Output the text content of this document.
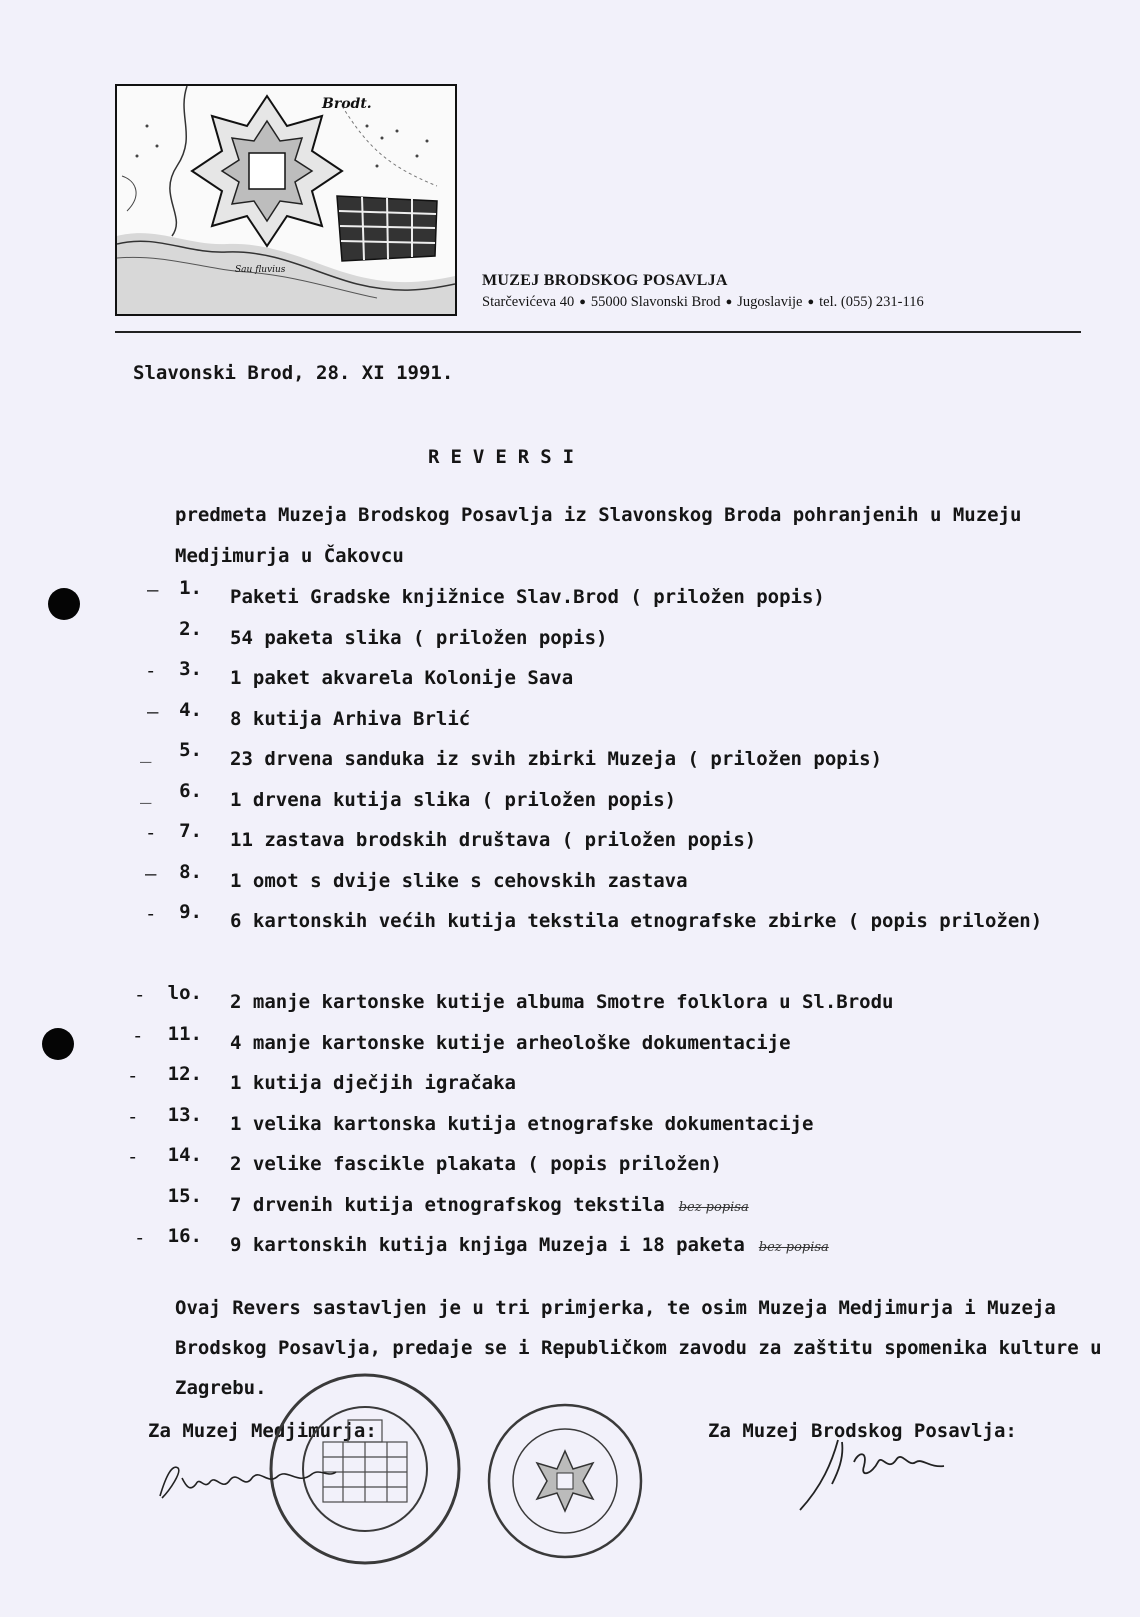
Brodt.
Sau fluvius
MUZEJ BRODSKOG POSAVLJA
Starčevićeva 40 ● 55000 Slavonski Brod ● Jugoslavije ● tel. (055) 231-116
Slavonski Brod, 28. XI 1991.
REVERSI
predmeta Muzeja Brodskog Posavlja iz Slavonskog Broda pohranjenih u Muzeju Medjimurja u Čakovcu
— 1. Paketi Gradske knjižnice Slav.Brod ( priložen popis)
2. 54 paketa slika ( priložen popis)
- 3. 1 paket akvarela Kolonije Sava
— 4. 8 kutija Arhiva Brlić
_ 5. 23 drvena sanduka iz svih zbirki Muzeja ( priložen popis)
_ 6. 1 drvena kutija slika ( priložen popis)
- 7. 11 zastava brodskih društava ( priložen popis)
— 8. 1 omot s dvije slike s cehovskih zastava
- 9. 6 kartonskih većih kutija tekstila etnografske zbirke ( popis priložen)
- lo. 2 manje kartonske kutije albuma Smotre folklora u Sl.Brodu
- 11. 4 manje kartonske kutije arheološke dokumentacije
- 12. 1 kutija dječjih igračaka
- 13. 1 velika kartonska kutija etnografske dokumentacije
- 14. 2 velike fascikle plakata ( popis priložen)
15. 7 drvenih kutija etnografskog tekstila bez popisa
- 16. 9 kartonskih kutija knjiga Muzeja i 18 paketa bez popisa
Ovaj Revers sastavljen je u tri primjerka, te osim Muzeja Medjimurja i Muzeja Brodskog Posavlja, predaje se i Republičkom zavodu za zaštitu spomenika kulture u Zagrebu.
Za Muzej Medjimurja:	Za Muzej Brodskog Posavlja:
